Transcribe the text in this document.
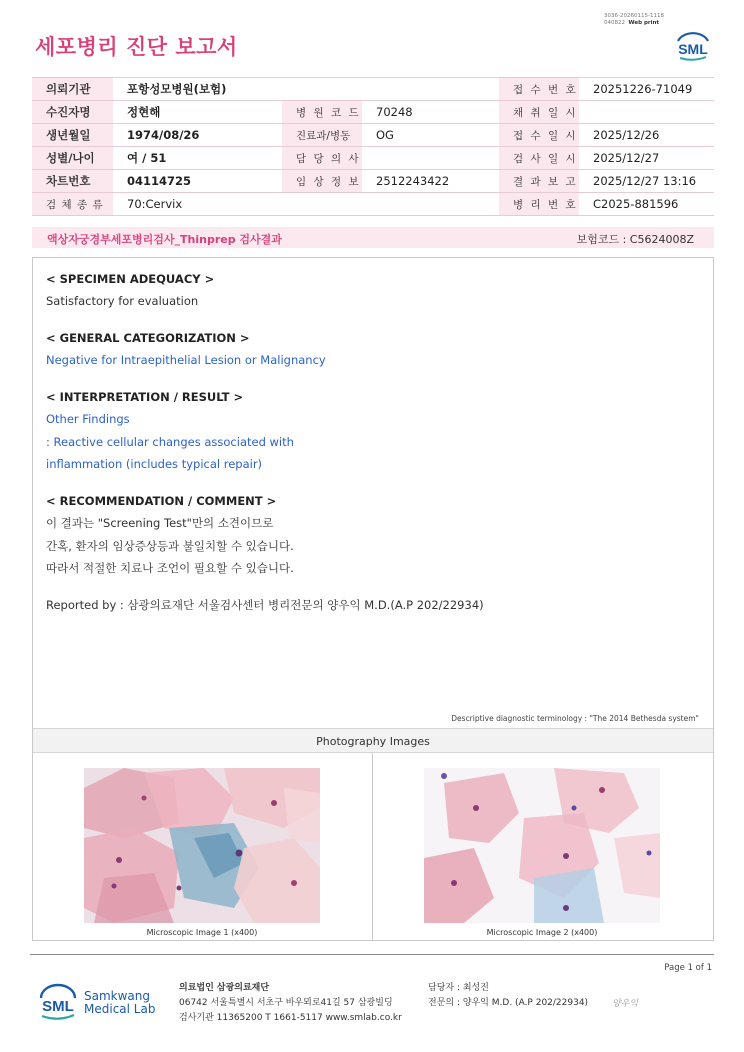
3036-20260115-1118
040822 Web print
세포병리 진단 보고서	SML
의뢰기관	포항성모병원(보험)			접 수 번 호	20251226-71049
수진자명	정현해	병 원 코 드	70248	채 취 일 시	
생년월일	1974/08/26	진료과/병동	OG	접 수 일 시	2025/12/26
성별/나이	여 / 51	담 당 의 사		검 사 일 시	2025/12/27
차트번호	04114725	임 상 정 보	2512243422	결 과 보 고	2025/12/27 13:16
검 체 종 류	70:Cervix			병 리 번 호	C2025-881596
액상자궁경부세포병리검사_Thinprep 검사결과	보험코드 : C5624008Z
< SPECIMEN ADEQUACY >
Satisfactory for evaluation
< GENERAL CATEGORIZATION >
Negative for Intraepithelial Lesion or Malignancy
< INTERPRETATION / RESULT >
Other Findings
: Reactive cellular changes associated with
inflammation (includes typical repair)
< RECOMMENDATION / COMMENT >
이 결과는 "Screening Test"만의 소견이므로
간혹, 환자의 임상증상등과 불일치할 수 있습니다.
따라서 적절한 치료나 조언이 필요할 수 있습니다.
Reported by : 삼광의료재단 서울검사센터 병리전문의 양우익 M.D.(A.P 202/22934)
Descriptive diagnostic terminology : "The 2014 Bethesda system"
Photography Images
Microscopic Image 1 (x400)	Microscopic Image 2 (x400)
Page 1 of 1
SML
Samkwang
Medical Lab
의료법인 삼광의료재단
06742 서울특별시 서초구 바우뫼로41길 57 삼광빌딩
검사기관 11365200 T 1661-5117 www.smlab.co.kr
담당자 : 최성진
전문의 : 양우익 M.D. (A.P 202/22934)	양우익
